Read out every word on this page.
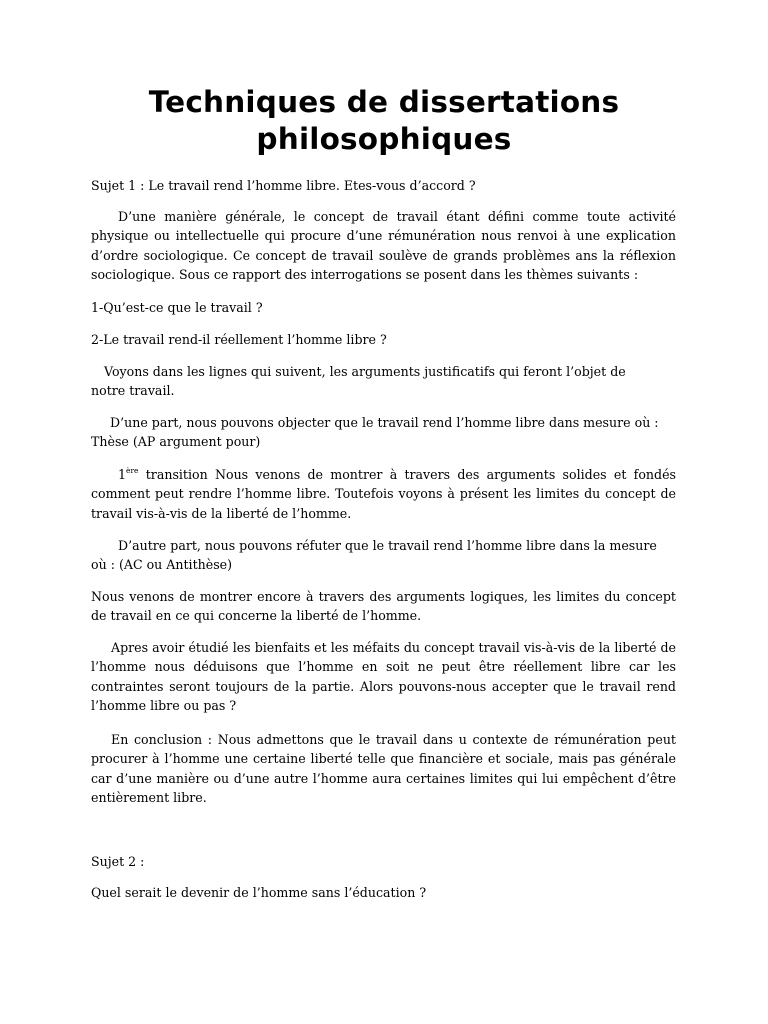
Techniques de dissertations
philosophiques

Sujet 1 : Le travail rend l’homme libre. Etes-vous d’accord ?

D’une manière générale, le concept de travail étant défini comme toute activité physique ou intellectuelle qui procure d’une rémunération nous renvoi à une explication d’ordre sociologique. Ce concept de travail soulève de grands problèmes ans la réflexion sociologique. Sous ce rapport des interrogations se posent dans les thèmes suivants :

1-Qu’est-ce que le travail ?

2-Le travail rend-il réellement l’homme libre ?

Voyons dans les lignes qui suivent, les arguments justificatifs qui feront l’objet de
notre travail.

D’une part, nous pouvons objecter que le travail rend l’homme libre dans mesure où :
Thèse (AP argument pour)

1ère transition Nous venons de montrer à travers des arguments solides et fondés comment peut rendre l’homme libre. Toutefois voyons à présent les limites du concept de travail vis-à-vis de la liberté de l’homme.

D’autre part, nous pouvons réfuter que le travail rend l’homme libre dans la mesure
où : (AC ou Antithèse)

Nous venons de montrer encore à travers des arguments logiques, les limites du concept de travail en ce qui concerne la liberté de l’homme.

Apres avoir étudié les bienfaits et les méfaits du concept travail vis-à-vis de la liberté de l’homme nous déduisons que l’homme en soit ne peut être réellement libre car les contraintes seront toujours de la partie. Alors pouvons-nous accepter que le travail rend l’homme libre ou pas ?

En conclusion : Nous admettons que le travail dans u contexte de rémunération peut procurer à l’homme une certaine liberté telle que financière et sociale, mais pas générale car d’une manière ou d’une autre l’homme aura certaines limites qui lui empêchent d’être entièrement libre.

Sujet 2 :

Quel serait le devenir de l’homme sans l’éducation ?
